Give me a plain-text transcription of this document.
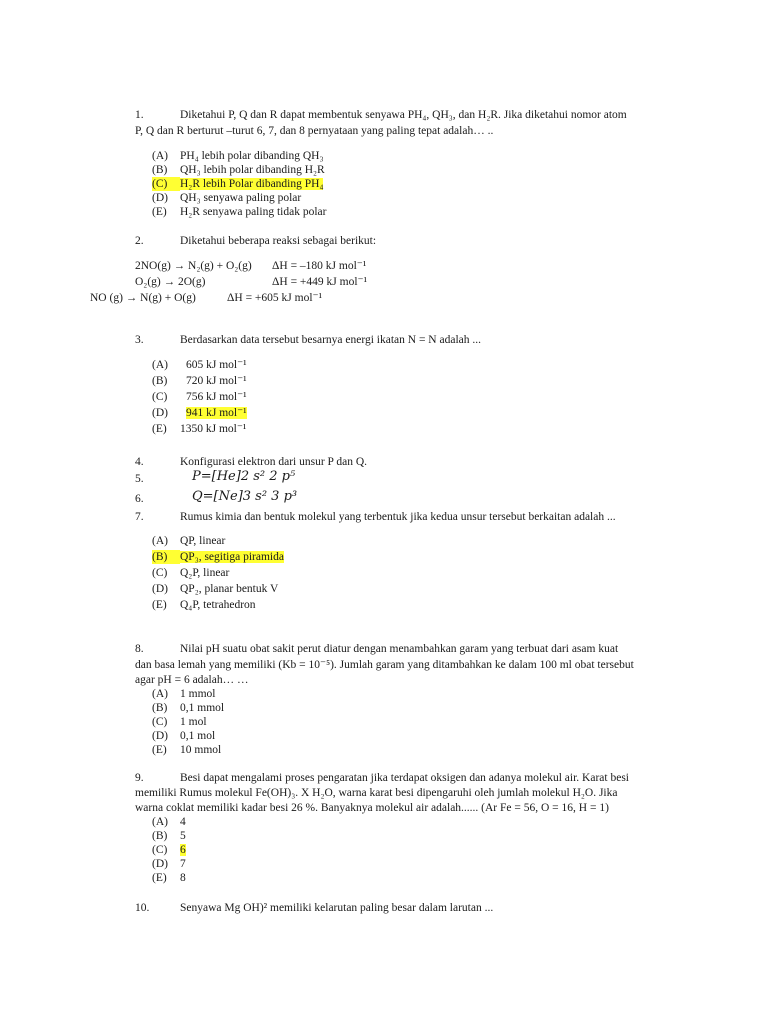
1.	Diketahui P, Q dan R dapat membentuk senyawa PH₄, QH₃, dan H₂R. Jika diketahui nomor atom
P, Q dan R berturut –turut 6, 7, dan 8 pernyataan yang paling tepat adalah… ..
(A) PH₄ lebih polar dibanding QH₃
(B) QH₃ lebih polar dibanding H₂R
(C) H₂R lebih Polar dibanding PH₄
(D) QH₃ senyawa paling polar
(E) H₂R senyawa paling tidak polar
2.	Diketahui beberapa reaksi sebagai berikut:
2NO(g) → N₂(g) + O₂(g) ΔH = –180 kJ mol⁻¹
O₂(g) → 2O(g)	ΔH = +449 kJ mol⁻¹
NO (g) → N(g) + O(g)	ΔH = +605 kJ mol⁻¹
3.	Berdasarkan data tersebut besarnya energi ikatan N = N adalah ...
(A) 605 kJ mol⁻¹
(B) 720 kJ mol⁻¹
(C) 756 kJ mol⁻¹
(D) 941 kJ mol⁻¹
(E) 1350 kJ mol⁻¹
4.	Konfigurasi elektron dari unsur P dan Q.
5.	P=[He]2 s² 2 p⁵
6.	Q=[Ne]3 s² 3 p³
7.	Rumus kimia dan bentuk molekul yang terbentuk jika kedua unsur tersebut berkaitan adalah ...
(A) QP, linear
(B) QP₃, segitiga piramida
(C) Q₂P, linear
(D) QP₂, planar bentuk V
(E) Q₄P, tetrahedron
8.	Nilai pH suatu obat sakit perut diatur dengan menambahkan garam yang terbuat dari asam kuat
dan basa lemah yang memiliki (Kb = 10⁻⁵). Jumlah garam yang ditambahkan ke dalam 100 ml obat tersebut
agar pH = 6 adalah… …
(A) 1 mmol
(B) 0,1 mmol
(C) 1 mol
(D) 0,1 mol
(E) 10 mmol
9.	Besi dapat mengalami proses pengaratan jika terdapat oksigen dan adanya molekul air. Karat besi
memiliki Rumus molekul Fe(OH)₃. X H₂O, warna karat besi dipengaruhi oleh jumlah molekul H₂O. Jika
warna coklat memiliki kadar besi 26 %. Banyaknya molekul air adalah...... (Ar Fe = 56, O = 16, H = 1)
(A) 4
(B) 5
(C) 6
(D) 7
(E) 8
10.	Senyawa Mg OH)² memiliki kelarutan paling besar dalam larutan ...
